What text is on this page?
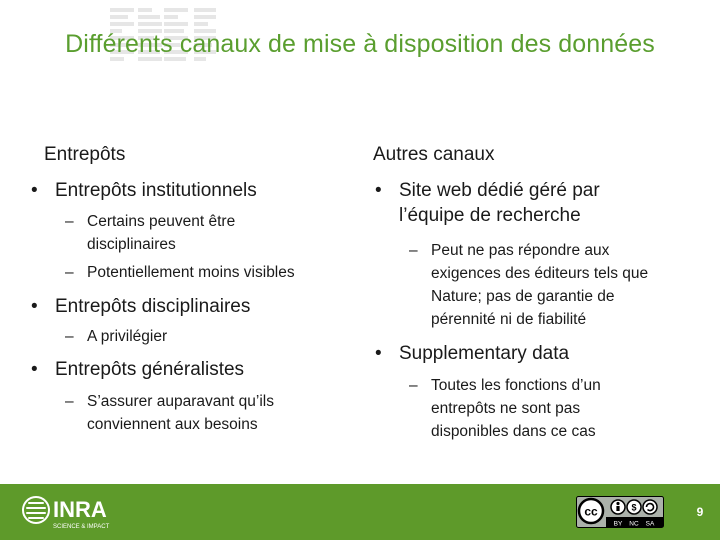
Différents canaux de mise à disposition des données
Entrepôts
• Entrepôts institutionnels
– Certains peuvent être disciplinaires
– Potentiellement moins visibles
• Entrepôts disciplinaires
– A privilégier
• Entrepôts généralistes
– S’assurer auparavant qu’ils conviennent aux besoins
Autres canaux
• Site web dédié géré par l’équipe de recherche
– Peut ne pas répondre aux exigences des éditeurs tels que Nature; pas de garantie de pérennité ni de fiabilité
• Supplementary data
– Toutes les fonctions d’un entrepôts ne sont pas disponibles dans ce cas
INRA
SCIENCE & IMPACT
cc	$
BY NC SA
9
